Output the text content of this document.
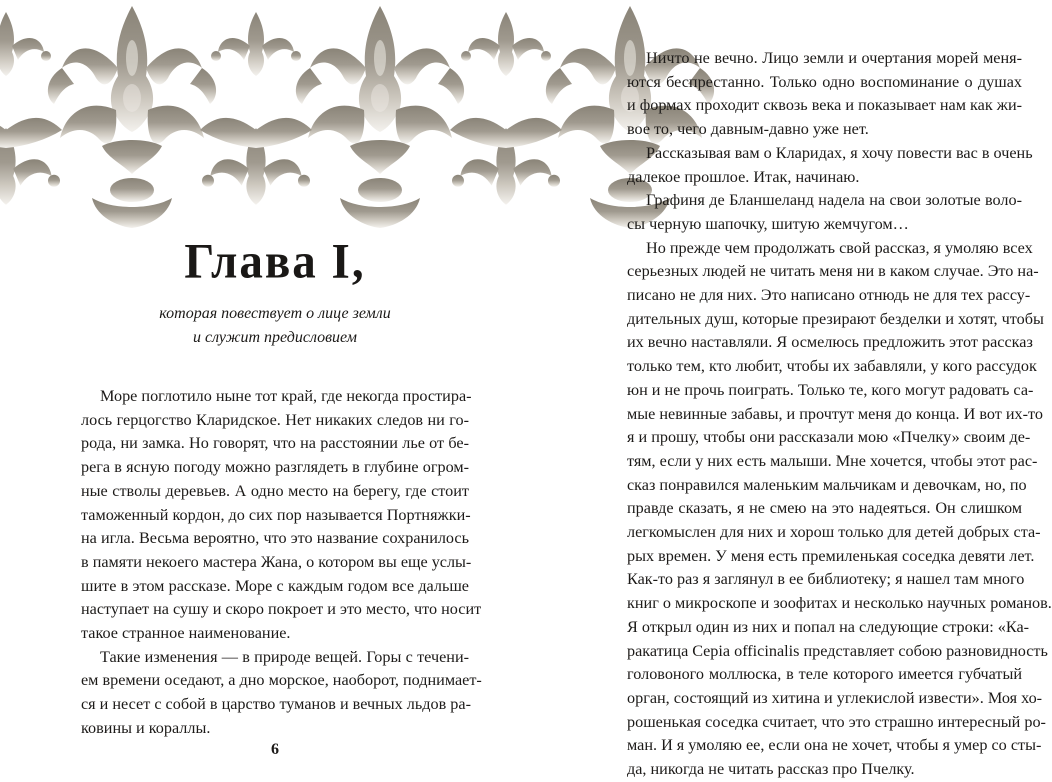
Глава I,
которая повествует о лице земли
и служит предисловием

Море поглотило ныне тот край, где некогда простира-
лось герцогство Кларидское. Нет никаких следов ни го-
рода, ни замка. Но говорят, что на расстоянии лье от бе-
рега в ясную погоду можно разглядеть в глубине огром-
ные стволы деревьев. А одно место на берегу, где стоит
таможенный кордон, до сих пор называется Портняжки-
на игла. Весьма вероятно, что это название сохранилось
в памяти некоего мастера Жана, о котором вы еще услы-
шите в этом рассказе. Море с каждым годом все дальше
наступает на сушу и скоро покроет и это место, что носит
такое странное наименование.

Такие изменения — в природе вещей. Горы с течени-
ем времени оседают, а дно морское, наоборот, поднимает-
ся и несет с собой в царство туманов и вечных льдов ра-
ковины и кораллы.

6

Ничто не вечно. Лицо земли и очертания морей меня-
ются беспрестанно. Только одно воспоминание о душах
и формах проходит сквозь века и показывает нам как жи-
вое то, чего давным-давно уже нет.

Рассказывая вам о Кларидах, я хочу повести вас в очень
далекое прошлое. Итак, начинаю.

Графиня де Бланшеланд надела на свои золотые воло-
сы черную шапочку, шитую жемчугом…

Но прежде чем продолжать свой рассказ, я умоляю всех
серьезных людей не читать меня ни в каком случае. Это на-
писано не для них. Это написано отнюдь не для тех рассу-
дительных душ, которые презирают безделки и хотят, чтобы
их вечно наставляли. Я осмелюсь предложить этот рассказ
только тем, кто любит, чтобы их забавляли, у кого рассудок
юн и не прочь поиграть. Только те, кого могут радовать са-
мые невинные забавы, и прочтут меня до конца. И вот их-то
я и прошу, чтобы они рассказали мою «Пчелку» своим де-
тям, если у них есть малыши. Мне хочется, чтобы этот рас-
сказ понравился маленьким мальчикам и девочкам, но, по
правде сказать, я не смею на это надеяться. Он слишком
легкомыслен для них и хорош только для детей добрых ста-
рых времен. У меня есть премиленькая соседка девяти лет.
Как-то раз я заглянул в ее библиотеку; я нашел там много
книг о микроскопе и зоофитах и несколько научных романов.
Я открыл один из них и попал на следующие строки: «Ка-
ракатица Cepia officinalis представляет собою разновидность
головоного моллюска, в теле которого имеется губчатый
орган, состоящий из хитина и углекислой извести». Моя хо-
рошенькая соседка считает, что это страшно интересный ро-
ман. И я умоляю ее, если она не хочет, чтобы я умер со сты-
да, никогда не читать рассказ про Пчелку.
